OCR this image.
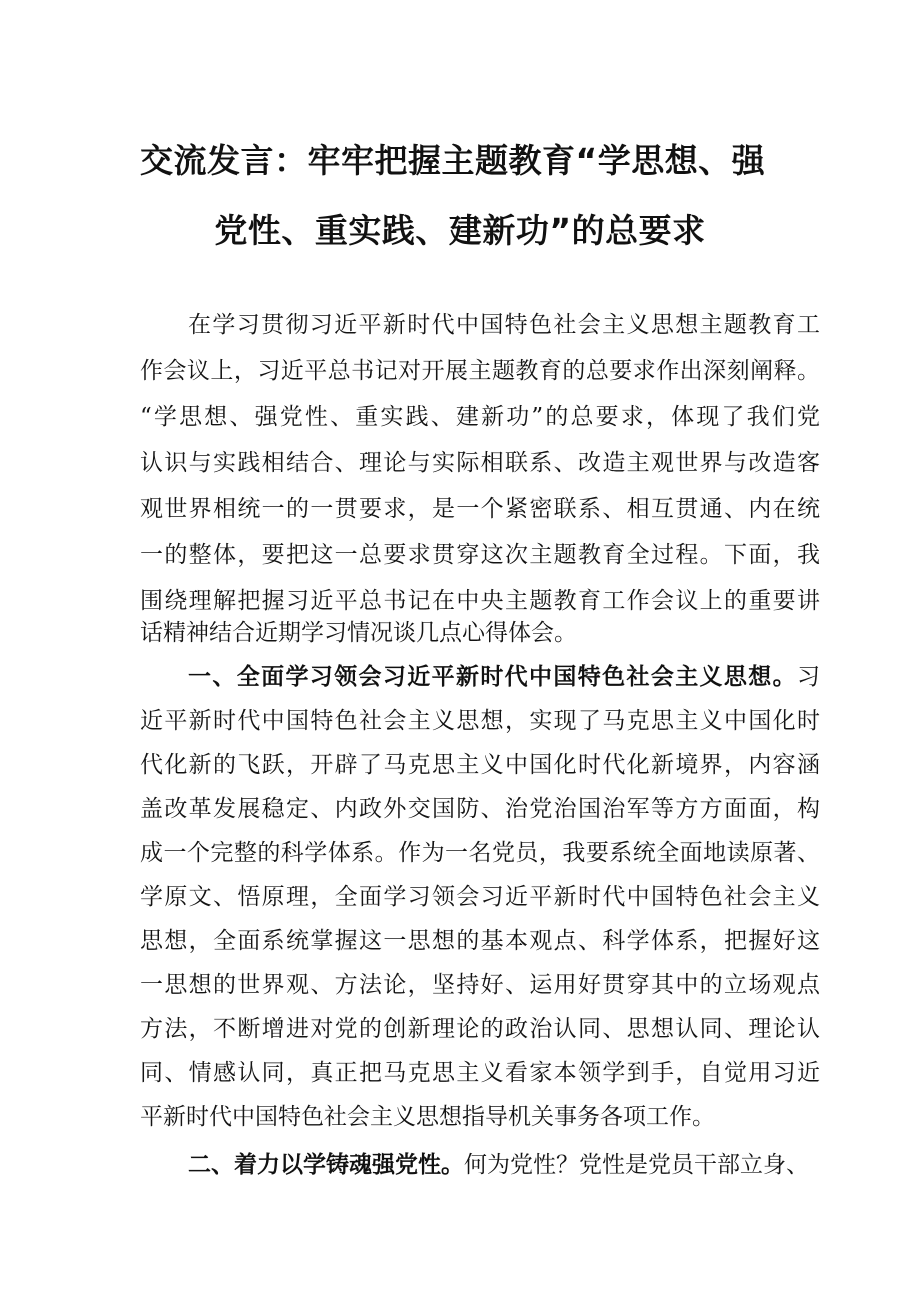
交流发言：牢牢把握主题教育“学思想、强
党性、重实践、建新功”的总要求
在学习贯彻习近平新时代中国特色社会主义思想主题教育工
作会议上，习近平总书记对开展主题教育的总要求作出深刻阐释。
“学思想、强党性、重实践、建新功”的总要求，体现了我们党
认识与实践相结合、理论与实际相联系、改造主观世界与改造客
观世界相统一的一贯要求，是一个紧密联系、相互贯通、内在统
一的整体，要把这一总要求贯穿这次主题教育全过程。下面，我
围绕理解把握习近平总书记在中央主题教育工作会议上的重要讲
话精神结合近期学习情况谈几点心得体会。
一、全面学习领会习近平新时代中国特色社会主义思想。习
近平新时代中国特色社会主义思想，实现了马克思主义中国化时
代化新的飞跃，开辟了马克思主义中国化时代化新境界，内容涵
盖改革发展稳定、内政外交国防、治党治国治军等方方面面，构
成一个完整的科学体系。作为一名党员，我要系统全面地读原著、
学原文、悟原理，全面学习领会习近平新时代中国特色社会主义
思想，全面系统掌握这一思想的基本观点、科学体系，把握好这
一思想的世界观、方法论，坚持好、运用好贯穿其中的立场观点
方法，不断增进对党的创新理论的政治认同、思想认同、理论认
同、情感认同，真正把马克思主义看家本领学到手，自觉用习近
平新时代中国特色社会主义思想指导机关事务各项工作。
二、着力以学铸魂强党性。何为党性？党性是党员干部立身、
